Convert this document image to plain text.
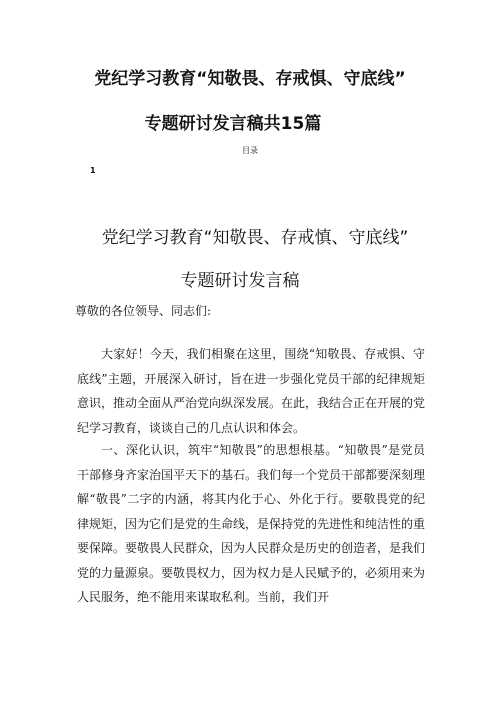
党纪学习教育“知敬畏、存戒惧、守底线”
专题研讨发言稿共15篇
目录
1
党纪学习教育“知敬畏、存戒慎、守底线”
专题研讨发言稿
尊敬的各位领导、同志们:

大家好！今天，我们相聚在这里，围绕“知敬畏、存戒惧、守底线”主题，开展深入研讨，旨在进一步强化党员干部的纪律规矩意识，推动全面从严治党向纵深发展。在此，我结合正在开展的党纪学习教育，谈谈自己的几点认识和体会。

一、深化认识，筑牢“知敬畏”的思想根基。“知敬畏”是党员干部修身齐家治国平天下的基石。我们每一个党员干部都要深刻理解“敬畏”二字的内涵，将其内化于心、外化于行。要敬畏党的纪律规矩，因为它们是党的生命线，是保持党的先进性和纯洁性的重要保障。要敬畏人民群众，因为人民群众是历史的创造者，是我们党的力量源泉。要敬畏权力，因为权力是人民赋予的，必须用来为人民服务，绝不能用来谋取私利。当前，我们开
